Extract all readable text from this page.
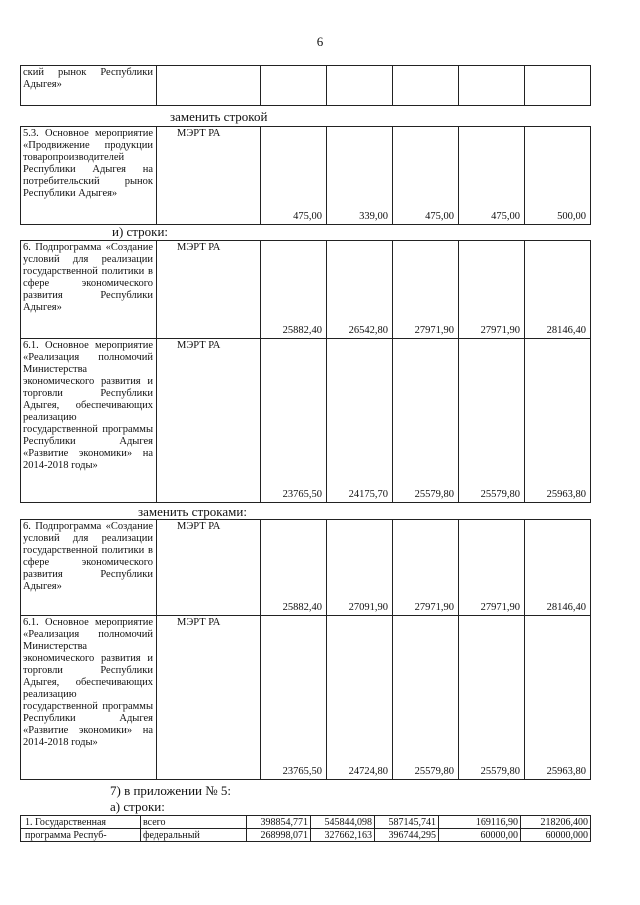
6
ский рынок Республики Адыгея»						
заменить строкой
5.3. Основное мероприятие «Продвижение продукции товаропроизводителей Республики Адыгея на потребительский рынок Республики Адыгея»	МЭРТ РА	475,00	339,00	475,00	475,00	500,00
и) строки:
6. Подпрограмма «Создание условий для реализации государственной политики в сфере экономического развития Республики Адыгея»	МЭРТ РА	25882,40	26542,80	27971,90	27971,90	28146,40
6.1. Основное мероприятие «Реализация полномочий Министерства экономического развития и торговли Республики Адыгея, обеспечивающих реализацию государственной программы Республики Адыгея «Развитие экономики» на 2014-2018 годы»	МЭРТ РА	23765,50	24175,70	25579,80	25579,80	25963,80
заменить строками:
6. Подпрограмма «Создание условий для реализации государственной политики в сфере экономического развития Республики Адыгея»	МЭРТ РА	25882,40	27091,90	27971,90	27971,90	28146,40
6.1. Основное мероприятие «Реализация полномочий Министерства экономического развития и торговли Республики Адыгея, обеспечивающих реализацию государственной программы Республики Адыгея «Развитие экономики» на 2014-2018 годы»	МЭРТ РА	23765,50	24724,80	25579,80	25579,80	25963,80
7) в приложении № 5:
а) строки:
1. Государственная	всего	398854,771	545844,098	587145,741	169116,90	218206,400
программа Респуб-	федеральный	268998,071	327662,163	396744,295	60000,00	60000,000
